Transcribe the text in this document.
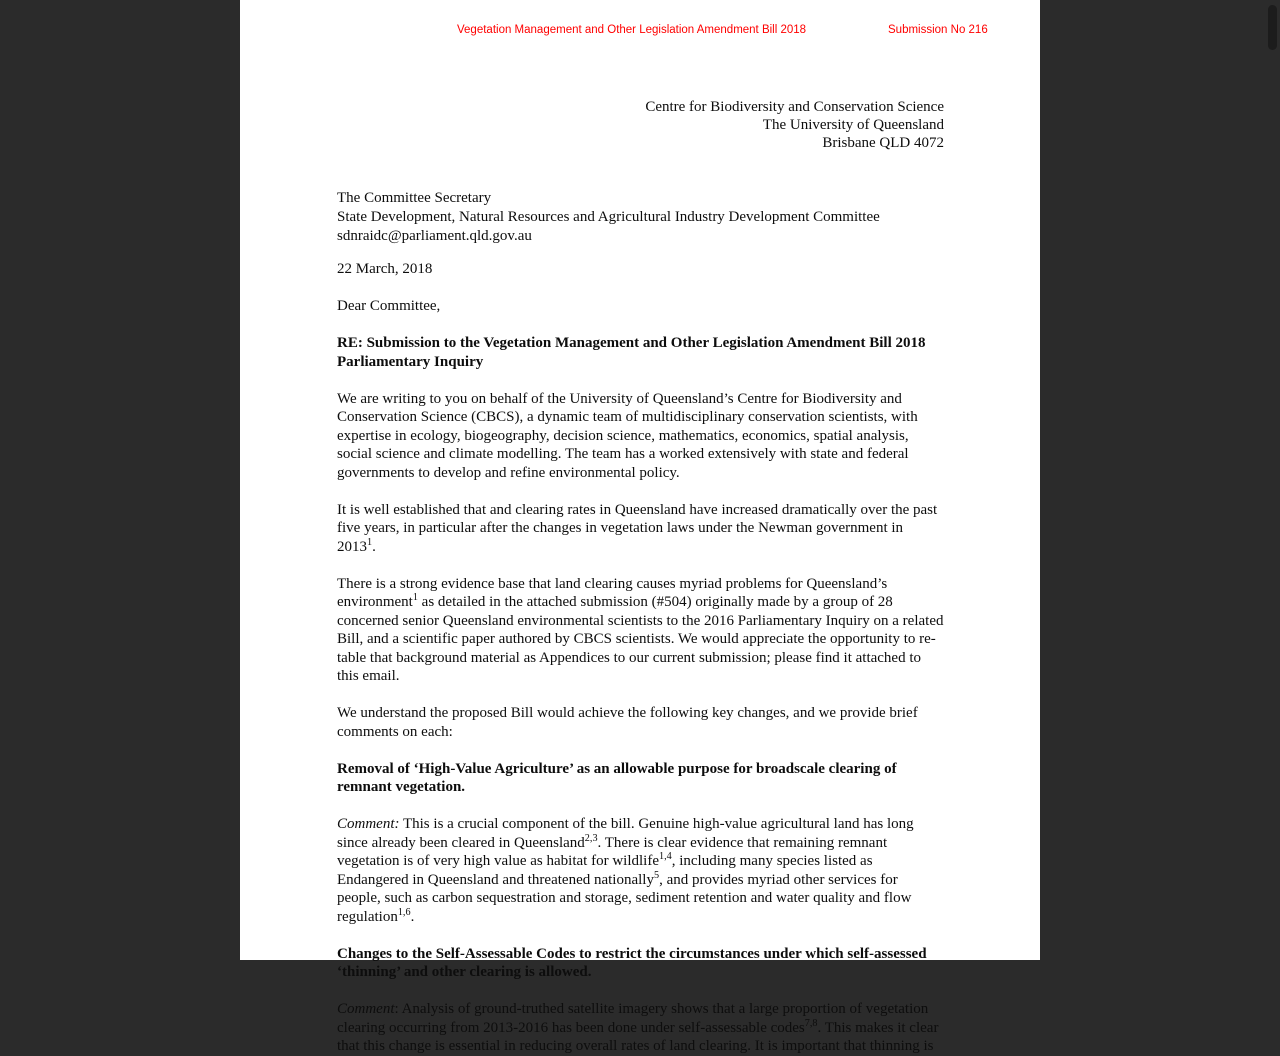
Vegetation Management and Other Legislation Amendment Bill 2018	Submission No 216
Centre for Biodiversity and Conservation Science
The University of Queensland
Brisbane QLD 4072
The Committee Secretary
State Development, Natural Resources and Agricultural Industry Development Committee
sdnraidc@parliament.qld.gov.au

22 March, 2018

Dear Committee,

RE: Submission to the Vegetation Management and Other Legislation Amendment Bill 2018
Parliamentary Inquiry

We are writing to you on behalf of the University of Queensland’s Centre for Biodiversity and Conservation Science (CBCS), a dynamic team of multidisciplinary conservation scientists, with expertise in ecology, biogeography, decision science, mathematics, economics, spatial analysis, social science and climate modelling. The team has a worked extensively with state and federal governments to develop and refine environmental policy.

It is well established that and clearing rates in Queensland have increased dramatically over the past five years, in particular after the changes in vegetation laws under the Newman government in 2013$^1$.

There is a strong evidence base that land clearing causes myriad problems for Queensland’s environment$^1$ as detailed in the attached submission (#504) originally made by a group of 28 concerned senior Queensland environmental scientists to the 2016 Parliamentary Inquiry on a related Bill, and a scientific paper authored by CBCS scientists. We would appreciate the opportunity to re-table that background material as Appendices to our current submission; please find it attached to this email.

We understand the proposed Bill would achieve the following key changes, and we provide brief comments on each:

Removal of ‘High-Value Agriculture’ as an allowable purpose for broadscale clearing of
remnant vegetation.

Comment: This is a crucial component of the bill. Genuine high-value agricultural land has long since already been cleared in Queensland$^{2,3}$. There is clear evidence that remaining remnant vegetation is of very high value as habitat for wildlife$^{1,4}$, including many species listed as Endangered in Queensland and threatened nationally$^5$, and provides myriad other services for people, such as carbon sequestration and storage, sediment retention and water quality and flow regulation$^{1,6}$.

Changes to the Self-Assessable Codes to restrict the circumstances under which self-assessed
‘thinning’ and other clearing is allowed.

Comment: Analysis of ground-truthed satellite imagery shows that a large proportion of vegetation clearing occurring from 2013-2016 has been done under self-assessable codes$^{7,8}$. This makes it clear that this change is essential in reducing overall rates of land clearing. It is important that thinning is
